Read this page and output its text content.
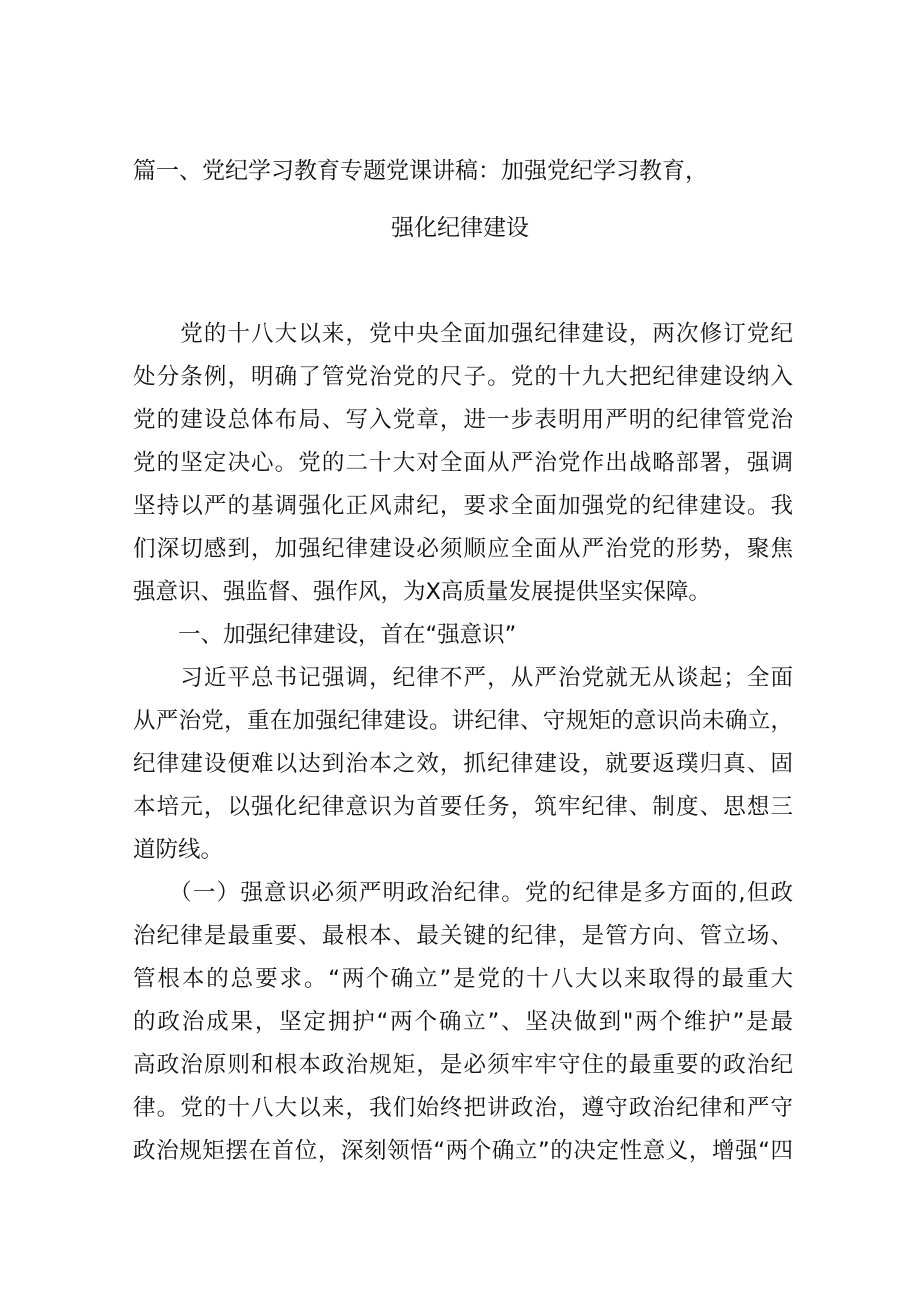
篇一、党纪学习教育专题党课讲稿：加强党纪学习教育，
强化纪律建设
　　党的十八大以来，党中央全面加强纪律建设，两次修订党纪
处分条例，明确了管党治党的尺子。党的十九大把纪律建设纳入
党的建设总体布局、写入党章，进一步表明用严明的纪律管党治
党的坚定决心。党的二十大对全面从严治党作出战略部署，强调
坚持以严的基调强化正风肃纪，要求全面加强党的纪律建设。我
们深切感到，加强纪律建设必须顺应全面从严治党的形势，聚焦
强意识、强监督、强作风，为X高质量发展提供坚实保障。
　　一、加强纪律建设，首在“强意识”
　　习近平总书记强调，纪律不严，从严治党就无从谈起；全面
从严治党，重在加强纪律建设。讲纪律、守规矩的意识尚未确立，
纪律建设便难以达到治本之效，抓纪律建设，就要返璞归真、固
本培元，以强化纪律意识为首要任务，筑牢纪律、制度、思想三
道防线。
　　（一）强意识必须严明政治纪律。党的纪律是多方面的,但政
治纪律是最重要、最根本、最关键的纪律，是管方向、管立场、
管根本的总要求。“两个确立”是党的十八大以来取得的最重大
的政治成果，坚定拥护“两个确立”、坚决做到"两个维护”是最
高政治原则和根本政治规矩，是必须牢牢守住的最重要的政治纪
律。党的十八大以来，我们始终把讲政治，遵守政治纪律和严守
政治规矩摆在首位，深刻领悟“两个确立”的决定性意义，增强“四
